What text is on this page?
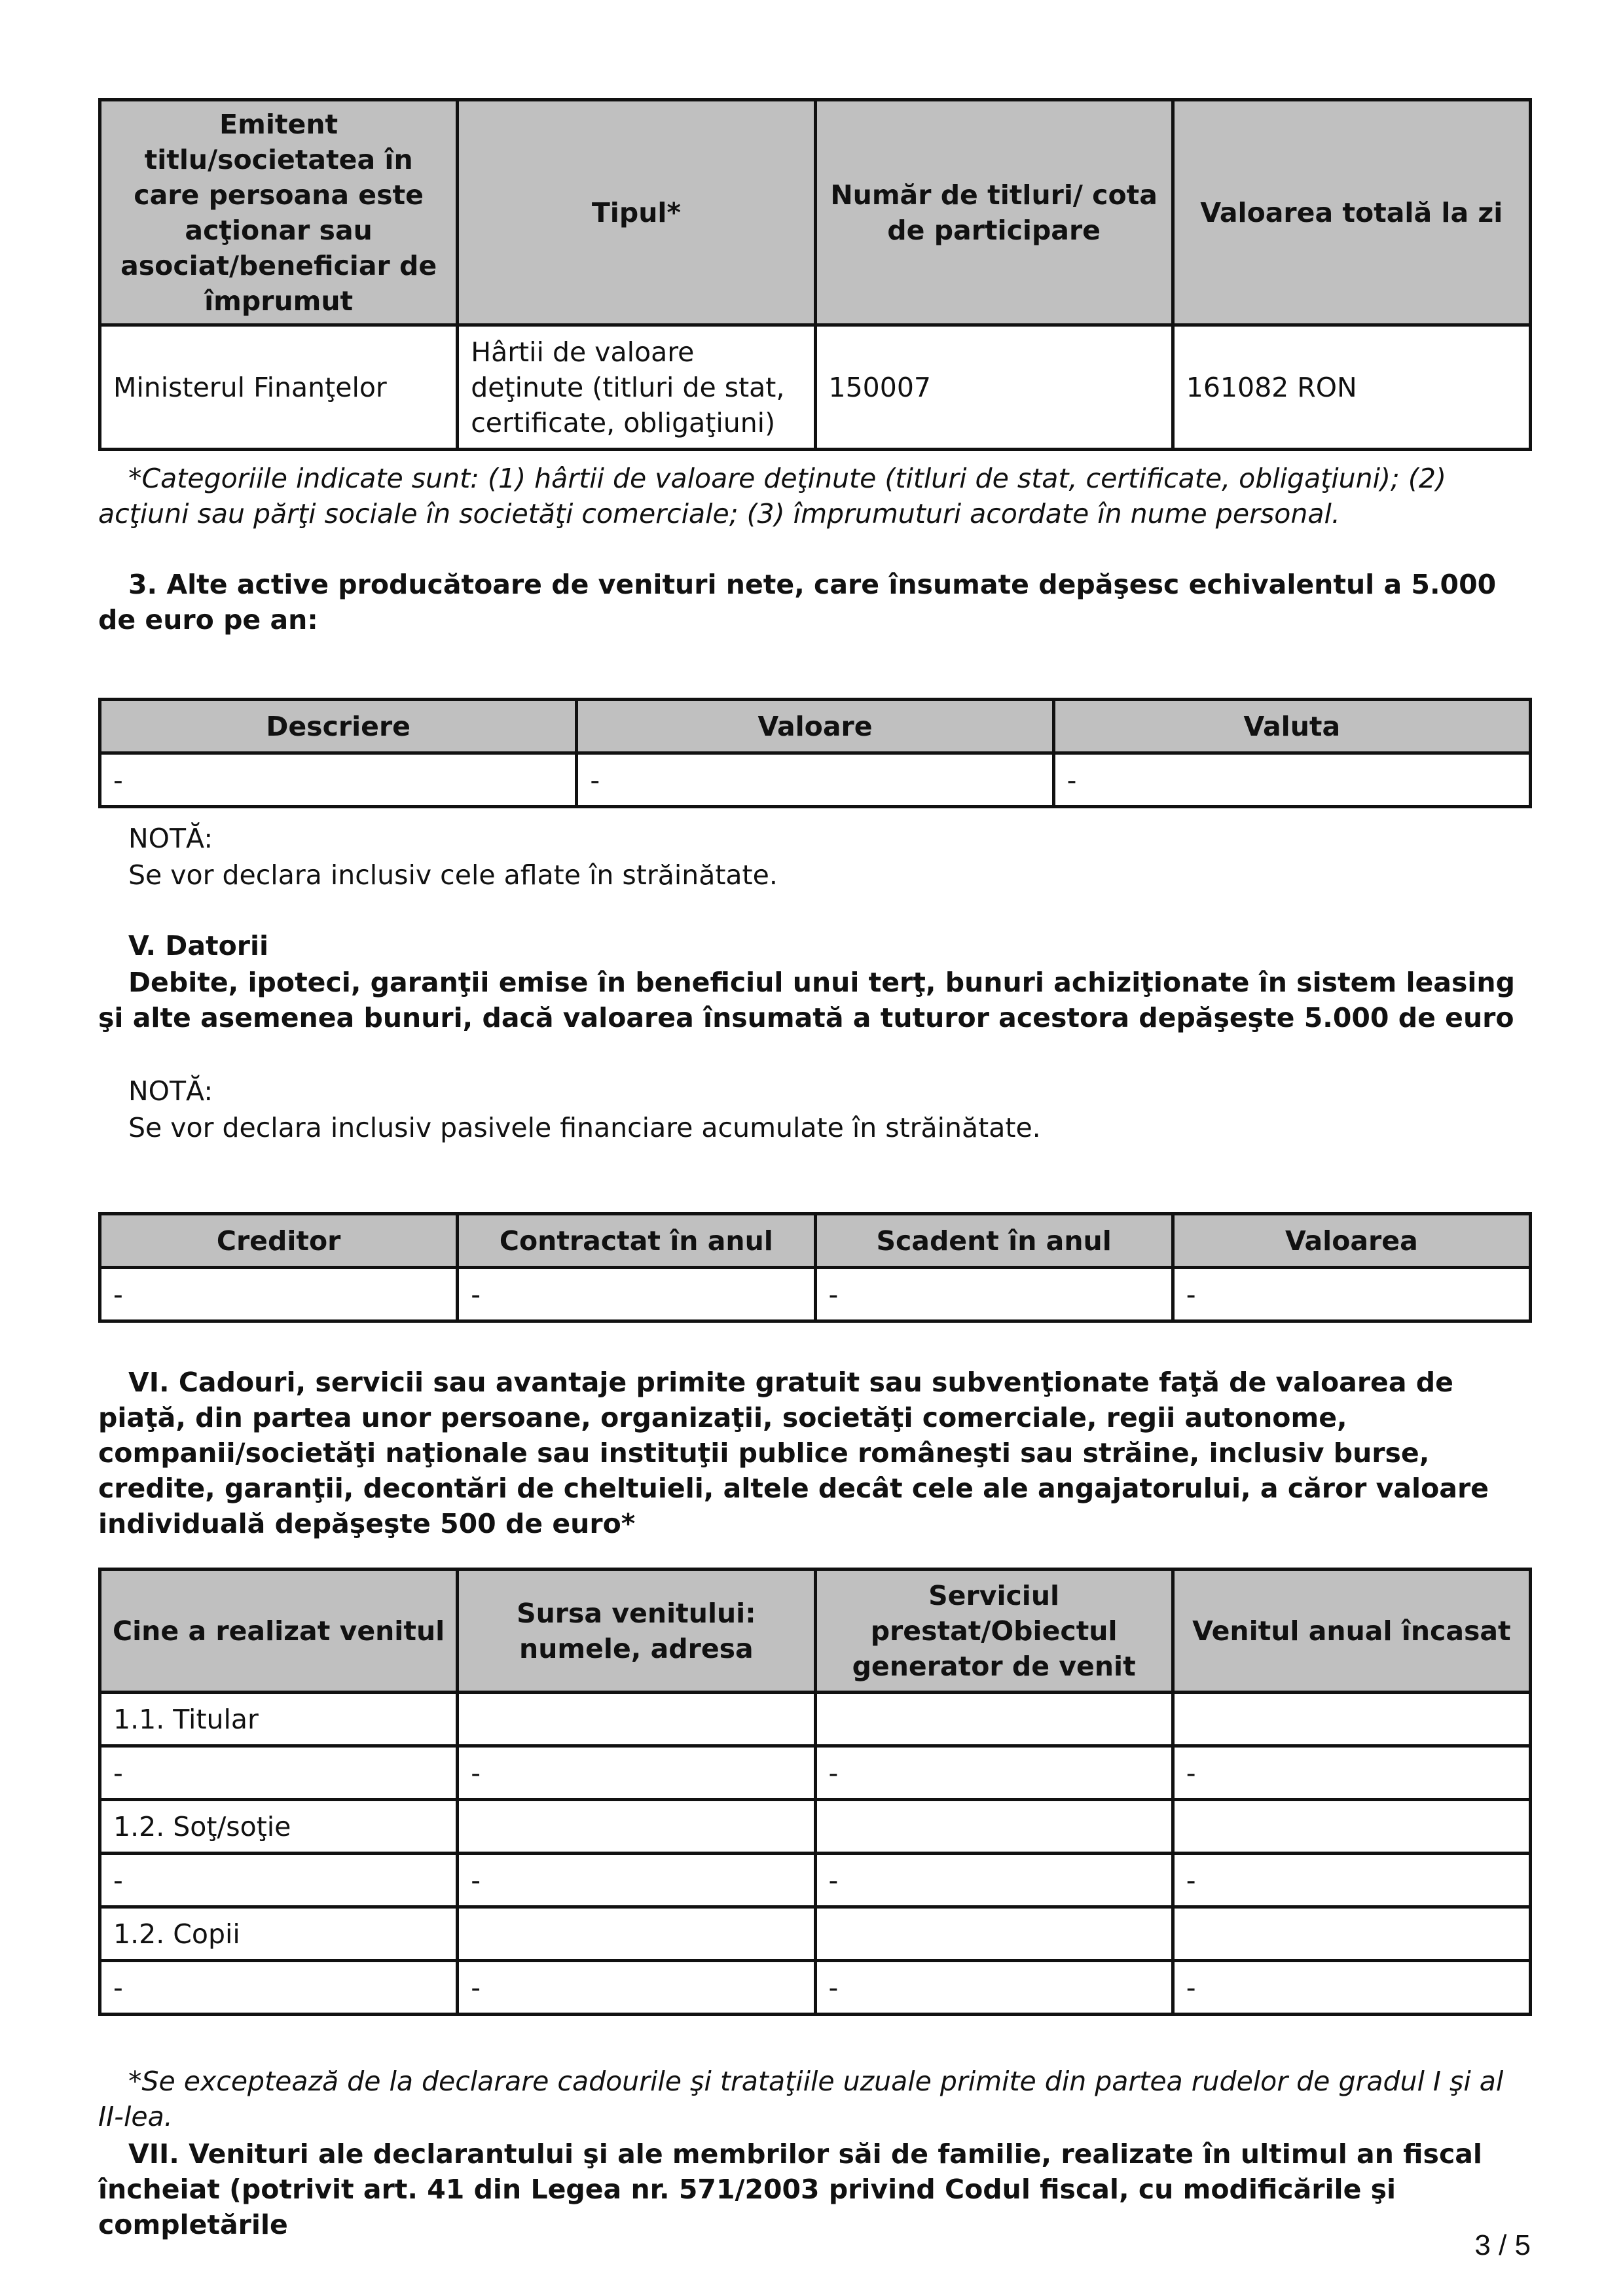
Emitent titlu/societatea în care persoana este acţionar sau asociat/beneficiar de împrumut	Tipul*	Număr de titluri/ cota de participare	Valoarea totală la zi
Ministerul Finanţelor	Hârtii de valoare deţinute (titluri de stat, certificate, obligaţiuni)	150007	161082 RON
*Categoriile indicate sunt: (1) hârtii de valoare deţinute (titluri de stat, certificate, obligaţiuni); (2) acţiuni sau părţi sociale în societăţi comerciale; (3) împrumuturi acordate în nume personal.
3. Alte active producătoare de venituri nete, care însumate depăşesc echivalentul a 5.000 de euro pe an:
Descriere	Valoare	Valuta
-	-	-
NOTĂ:
Se vor declara inclusiv cele aflate în străinătate.
V. Datorii
Debite, ipoteci, garanţii emise în beneficiul unui terţ, bunuri achiziţionate în sistem leasing şi alte asemenea bunuri, dacă valoarea însumată a tuturor acestora depăşeşte 5.000 de euro
NOTĂ:
Se vor declara inclusiv pasivele financiare acumulate în străinătate.
Creditor	Contractat în anul	Scadent în anul	Valoarea
-	-	-	-
VI. Cadouri, servicii sau avantaje primite gratuit sau subvenţionate faţă de valoarea de piaţă, din partea unor persoane, organizaţii, societăţi comerciale, regii autonome, companii/societăţi naţionale sau instituţii publice româneşti sau străine, inclusiv burse, credite, garanţii, decontări de cheltuieli, altele decât cele ale angajatorului, a căror valoare individuală depăşeşte 500 de euro*
Cine a realizat venitul	Sursa venitului: numele, adresa	Serviciul prestat/Obiectul generator de venit	Venitul anual încasat
1.1. Titular			
-	-	-	-
1.2. Soţ/soţie			
-	-	-	-
1.2. Copii			
-	-	-	-
*Se exceptează de la declarare cadourile şi trataţiile uzuale primite din partea rudelor de gradul I şi al II-lea.
VII. Venituri ale declarantului şi ale membrilor săi de familie, realizate în ultimul an fiscal încheiat (potrivit art. 41 din Legea nr. 571/2003 privind Codul fiscal, cu modificările şi completările
3 / 5
